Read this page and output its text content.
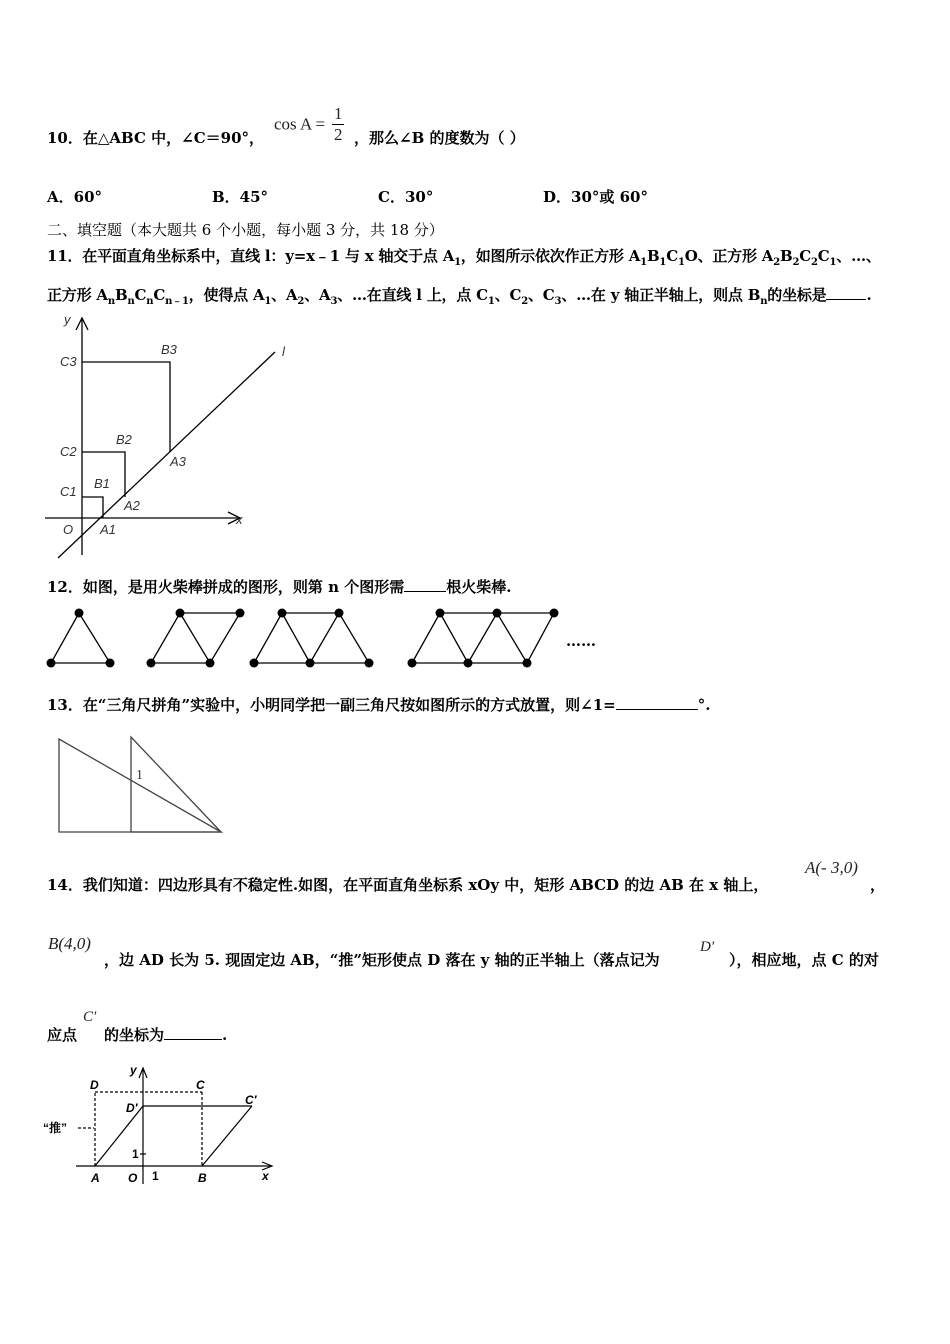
10．在△ABC 中，∠C＝90°，
$\cos A = \frac{1}{2}$ ，那么∠B 的度数为（ ）
A．60°	B．45°	C．30°	D．30°或 60°
二、填空题（本大题共 6 个小题，每小题 3 分，共 18 分）
11．在平面直角坐标系中，直线 l：y=x﹣1 与 x 轴交于点 $A_1$，如图所示依次作正方形 $A_1B_1C_1O$、正方形 $A_2B_2C_2C_1$、…、
正方形 $A_nB_nC_nC_{n﹣1}$，使得点 $A_1$、$A_2$、$A_3$、…在直线 l 上，点 $C_1$、$C_2$、$C_3$、…在 y 轴正半轴上，则点 $B_n$的坐标是	.
y
x
l
O
C3
B3
C2
B2
A3
C1
B1
A2
A1
12．如图，是用火柴棒拼成的图形，则第 n 个图形需	根火柴棒.
……
13．在“三角尺拼角”实验中，小明同学把一副三角尺按如图所示的方式放置，则∠1=	°.
1
14．我们知道：四边形具有不稳定性.如图，在平面直角坐标系 xOy 中，矩形 ABCD 的边 AB 在 x 轴上，
A(- 3,0)
，
B(4,0)
，边 AD 长为 5. 现固定边 AB，“推”矩形使点 D 落在 y 轴的正半轴上（落点记为
D′
），相应地，点 C 的对
应点
C′
的坐标为	.
y
x
D	C
D′
C′
“推”
1
A O 1	B
